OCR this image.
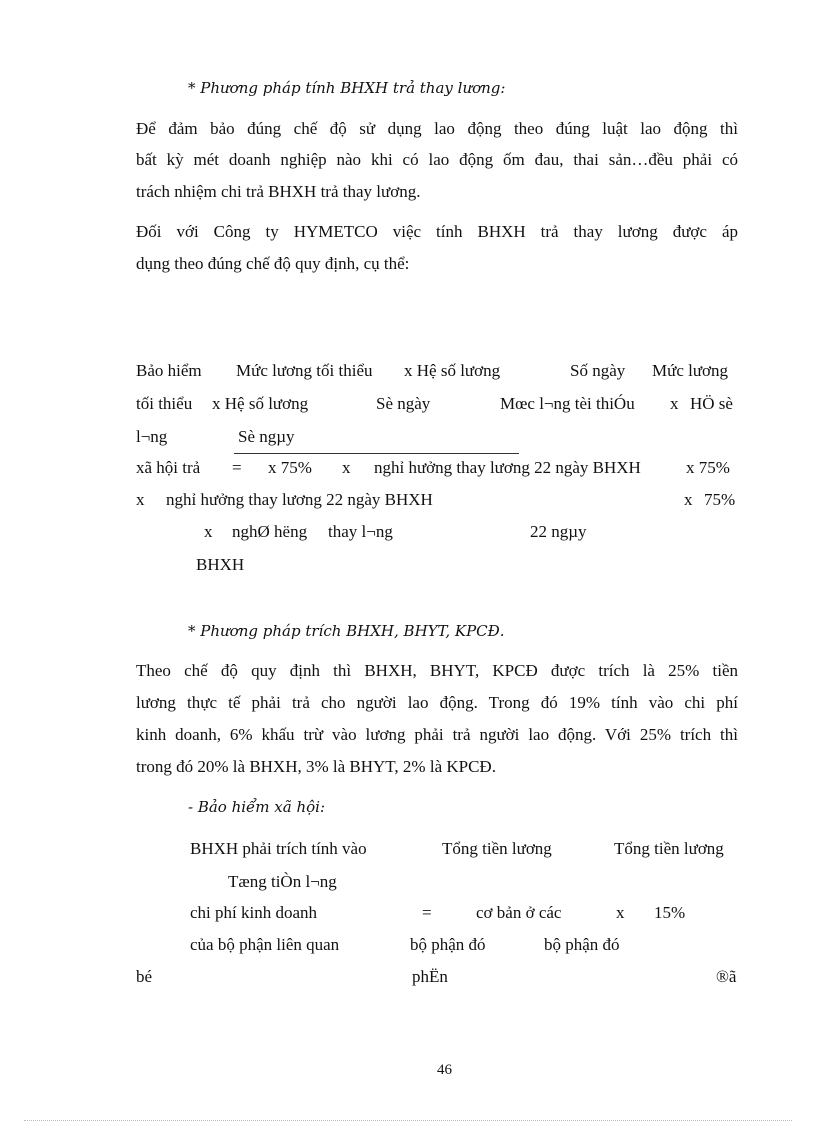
* Phương pháp tính BHXH trả thay lương:
Để đảm bảo đúng chế độ sử dụng lao động theo đúng luật lao động thì
bất kỳ mét doanh nghiệp nào khi có lao động ốm đau, thai sản…đều phải có
trách nhiệm chi trả BHXH trả thay lương.
Đối với Công ty HYMETCO việc tính BHXH trả thay lương được áp
dụng theo đúng chế độ quy định, cụ thể:
Bảo hiểm Mức lương tối thiểu x Hệ số lương	Số ngày Mức lương
tối thiểu x Hệ số lương	Sè ngày	Mœc l¬ng tèi thiÓu x HÖ sè
l¬ng	Sè ngµy
xã hội trả = x 75% x nghỉ hưởng thay lương 22 ngày BHXH	x 75%
x nghỉ hưởng thay lương 22 ngày BHXH	x 75%
x nghØ hëng thay l¬ng	22 ngµy
BHXH
* Phương pháp trích BHXH, BHYT, KPCĐ.
Theo chế độ quy định thì BHXH, BHYT, KPCĐ được trích là 25% tiền
lương thực tế phải trả cho người lao động. Trong đó 19% tính vào chi phí
kinh doanh, 6% khấu trừ vào lương phải trả người lao động. Với 25% trích thì
trong đó 20% là BHXH, 3% là BHYT, 2% là KPCĐ.
- Bảo hiểm xã hội:
BHXH phải trích tính vào	Tổng tiền lương	Tổng tiền lương
Tæng tiÒn l¬ng
chi phí kinh doanh	=	cơ bản ở các	x 15%
của bộ phận liên quan	bộ phận đó	bộ phận đó
bé	phËn	®ã
46
